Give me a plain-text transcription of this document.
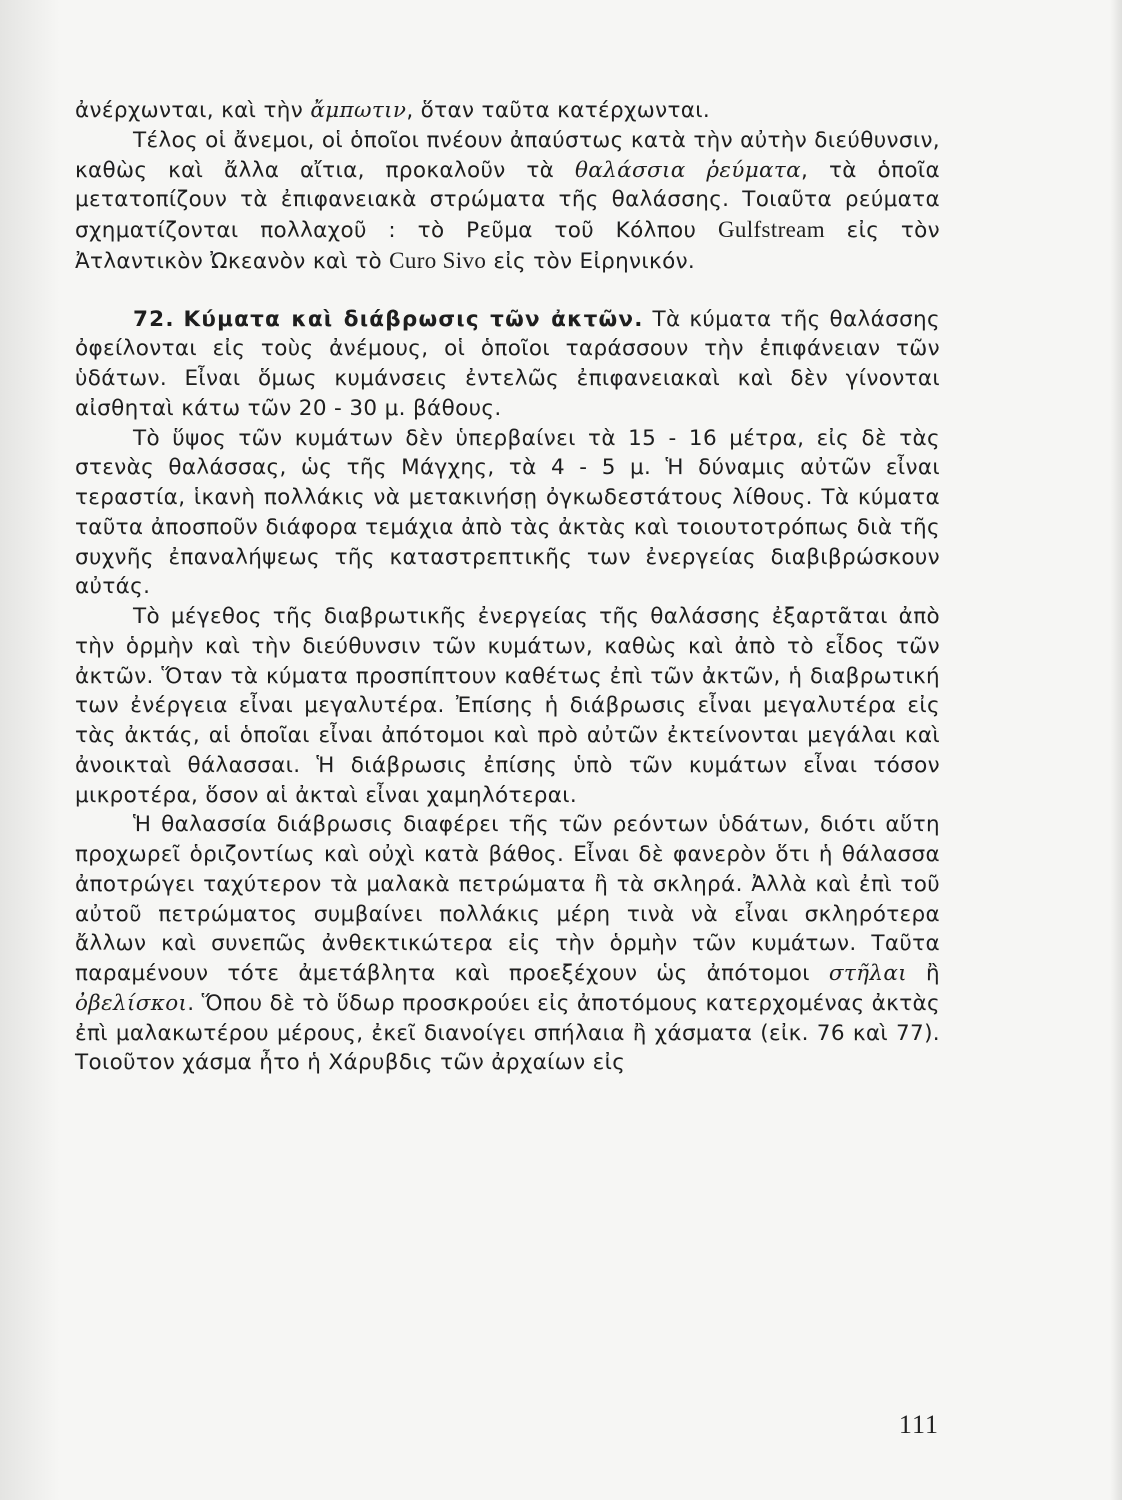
ἀνέρχωνται, καὶ τὴν ἄμπωτιν, ὅταν ταῦτα κατέρχωνται.

Τέλος οἱ ἄνεμοι, οἱ ὁποῖοι πνέουν ἀπαύστως κατὰ τὴν αὐτὴν διεύθυνσιν, καθὼς καὶ ἄλλα αἴτια, προκαλοῦν τὰ θαλάσσια ῥεύματα, τὰ ὁποῖα μετατοπίζουν τὰ ἐπιφανειακὰ στρώματα τῆς θαλάσσης. Τοιαῦτα ρεύματα σχηματίζονται πολλαχοῦ : τὸ Ρεῦμα τοῦ Κόλπου Gulfstream εἰς τὸν Ἀτλαντικὸν Ὠκεανὸν καὶ τὸ Curo Sivo εἰς τὸν Εἰρηνικόν.

72. Κύματα καὶ διάβρωσις τῶν ἀκτῶν. Τὰ κύματα τῆς θαλάσσης ὀφείλονται εἰς τοὺς ἀνέμους, οἱ ὁποῖοι ταράσσουν τὴν ἐπιφάνειαν τῶν ὑδάτων. Εἶναι ὅμως κυμάνσεις ἐντελῶς ἐπιφανειακαὶ καὶ δὲν γίνονται αἰσθηταὶ κάτω τῶν 20 - 30 μ. βάθους.

Τὸ ὕψος τῶν κυμάτων δὲν ὑπερβαίνει τὰ 15 - 16 μέτρα, εἰς δὲ τὰς στενὰς θαλάσσας, ὡς τῆς Μάγχης, τὰ 4 - 5 μ. Ἡ δύναμις αὐτῶν εἶναι τεραστία, ἱκανὴ πολλάκις νὰ μετακινήσῃ ὀγκωδεστάτους λίθους. Τὰ κύματα ταῦτα ἀποσποῦν διάφορα τεμάχια ἀπὸ τὰς ἀκτὰς καὶ τοιουτοτρόπως διὰ τῆς συχνῆς ἐπαναλήψεως τῆς καταστρεπτικῆς των ἐνεργείας διαβιβρώσκουν αὐτάς.

Τὸ μέγεθος τῆς διαβρωτικῆς ἐνεργείας τῆς θαλάσσης ἐξαρτᾶται ἀπὸ τὴν ὁρμὴν καὶ τὴν διεύθυνσιν τῶν κυμάτων, καθὼς καὶ ἀπὸ τὸ εἶδος τῶν ἀκτῶν. Ὅταν τὰ κύματα προσπίπτουν καθέτως ἐπὶ τῶν ἀκτῶν, ἡ διαβρωτική των ἐνέργεια εἶναι μεγαλυτέρα. Ἐπίσης ἡ διάβρωσις εἶναι μεγαλυτέρα εἰς τὰς ἀκτάς, αἱ ὁποῖαι εἶναι ἀπότομοι καὶ πρὸ αὐτῶν ἐκτείνονται μεγάλαι καὶ ἀνοικταὶ θάλασσαι. Ἡ διάβρωσις ἐπίσης ὑπὸ τῶν κυμάτων εἶναι τόσον μικροτέρα, ὅσον αἱ ἀκταὶ εἶναι χαμηλότεραι.

Ἡ θαλασσία διάβρωσις διαφέρει τῆς τῶν ρεόντων ὑδάτων, διότι αὕτη προχωρεῖ ὁριζοντίως καὶ οὐχὶ κατὰ βάθος. Εἶναι δὲ φανερὸν ὅτι ἡ θάλασσα ἀποτρώγει ταχύτερον τὰ μαλακὰ πετρώματα ἢ τὰ σκληρά. Ἀλλὰ καὶ ἐπὶ τοῦ αὐτοῦ πετρώματος συμβαίνει πολλάκις μέρη τινὰ νὰ εἶναι σκληρότερα ἄλλων καὶ συνεπῶς ἀνθεκτικώτερα εἰς τὴν ὁρμὴν τῶν κυμάτων. Ταῦτα παραμένουν τότε ἀμετάβλητα καὶ προεξέχουν ὡς ἀπότομοι στῆλαι ἢ ὀβελίσκοι. Ὅπου δὲ τὸ ὕδωρ προσκρούει εἰς ἀποτόμους κατερχομένας ἀκτὰς ἐπὶ μαλακωτέρου μέρους, ἐκεῖ διανοίγει σπήλαια ἢ χάσματα (εἰκ. 76 καὶ 77). Τοιοῦτον χάσμα ἦτο ἡ Χάρυβδις τῶν ἀρχαίων εἰς

111
